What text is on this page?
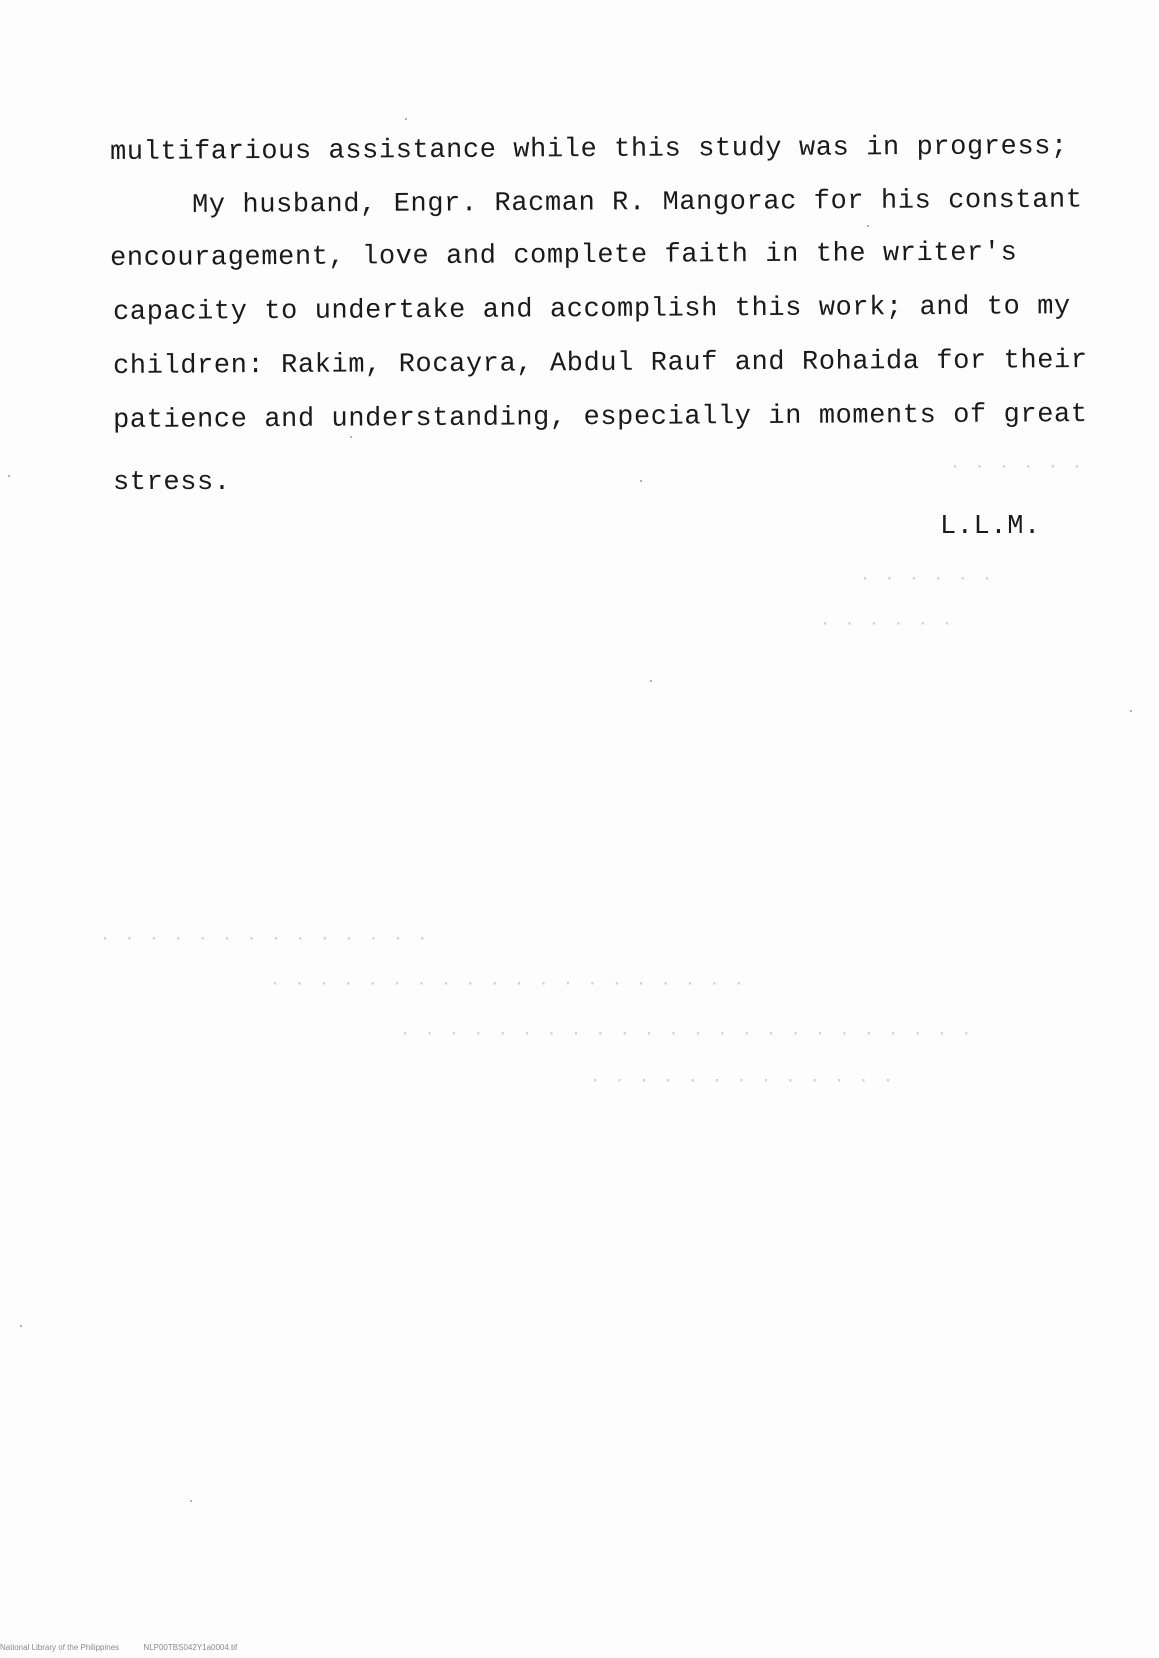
multifarious assistance while this study was in progress;
My husband, Engr. Racman R. Mangorac for his constant
encouragement, love and complete faith in the writer's
capacity to undertake and accomplish this work; and to my
children: Rakim, Rocayra, Abdul Rauf and Rohaida for their
patience and understanding, especially in moments of great
stress.
L.L.M.
· · · · · · · · · · · · · ·
· · · · · · · · · · · · · · · · · · · ·
· · · · · · · · · · · · · · · · · · · · · · · ·
· · · · · · · · · · · · ·
· · · · · ·
· · · · · ·
· · · · · ·
National Library of the Philippines	NLP00TBS042Y1a0004.tif
